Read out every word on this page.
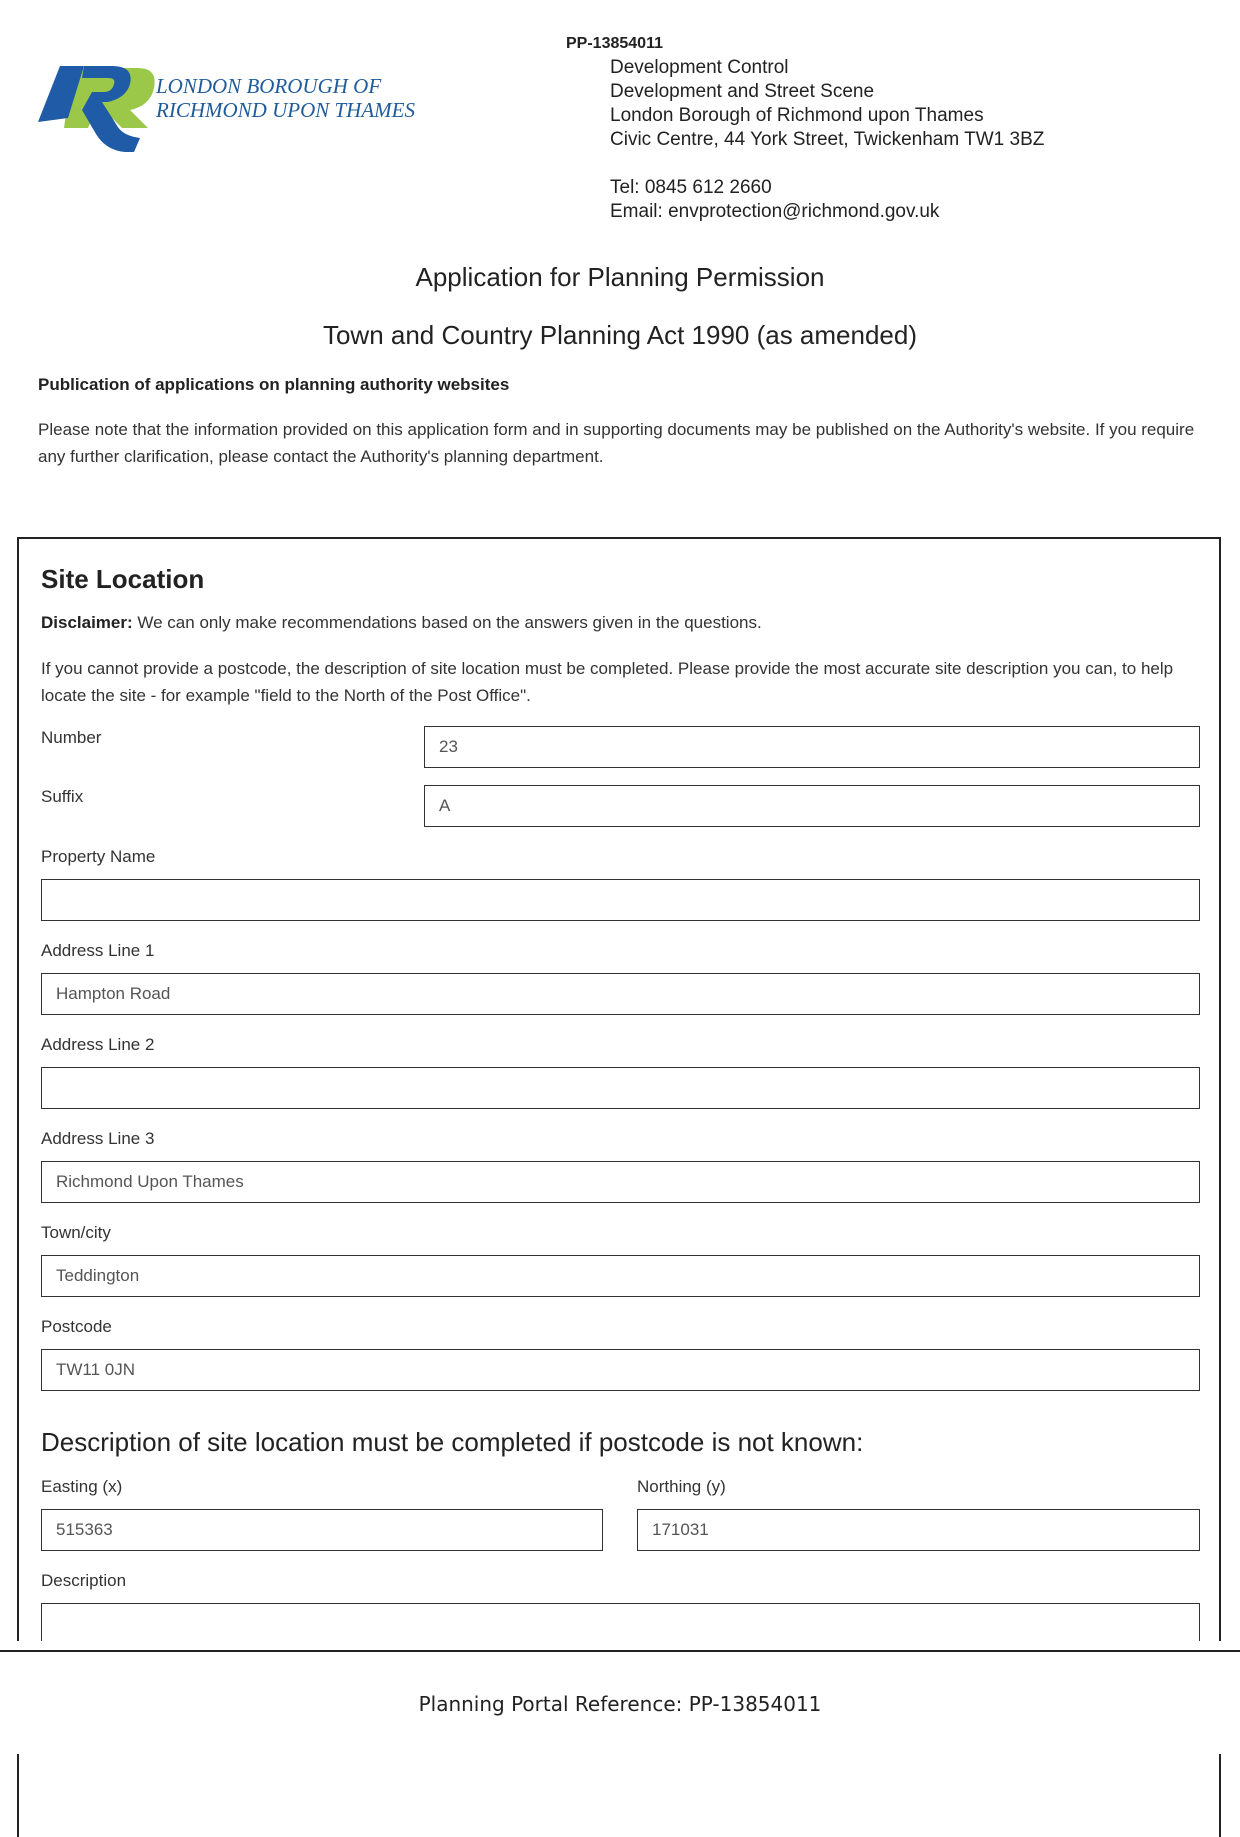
LONDON BOROUGH OF
RICHMOND UPON THAMES
PP-13854011
Development Control
Development and Street Scene
London Borough of Richmond upon Thames
Civic Centre, 44 York Street, Twickenham TW1 3BZ
Tel: 0845 612 2660
Email: envprotection@richmond.gov.uk
Application for Planning Permission
Town and Country Planning Act 1990 (as amended)
Publication of applications on planning authority websites
Please note that the information provided on this application form and in supporting documents may be published on the Authority's website. If you require any further clarification, please contact the Authority's planning department.
Site Location
Disclaimer: We can only make recommendations based on the answers given in the questions.
If you cannot provide a postcode, the description of site location must be completed. Please provide the most accurate site description you can, to help locate the site - for example "field to the North of the Post Office".
Number	23
Suffix	A
Property Name
Address Line 1
Hampton Road
Address Line 2
Address Line 3
Richmond Upon Thames
Town/city
Teddington
Postcode
TW11 0JN
Description of site location must be completed if postcode is not known:
Easting (x)
515363
Northing (y)
171031
Description
Planning Portal Reference: PP-13854011
